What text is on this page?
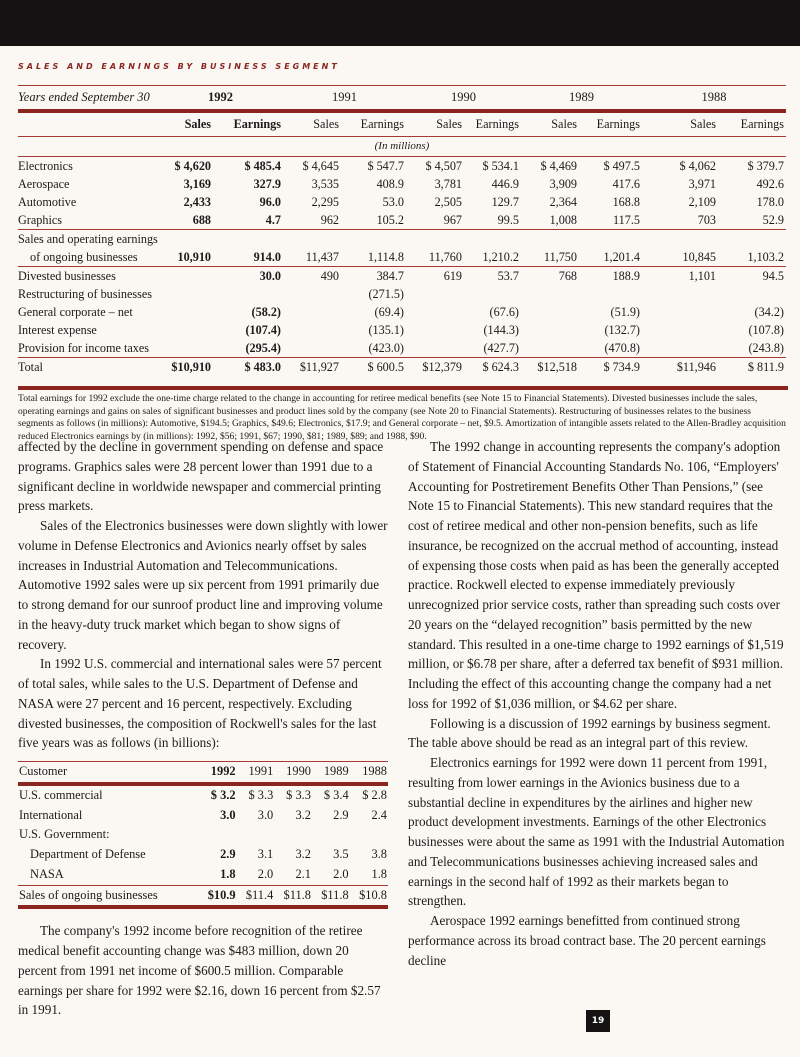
SALES AND EARNINGS BY BUSINESS SEGMENT
Years ended September 30	1992		1991		1990		1989		1988	
	Sales	Earnings	Sales	Earnings	Sales	Earnings	Sales	Earnings	Sales	Earnings
(In millions)										
Electronics	$ 4,620	$ 485.4	$ 4,645	$ 547.7	$ 4,507	$ 534.1	$ 4,469	$ 497.5	$ 4,062	$ 379.7
Aerospace	3,169	327.9	3,535	408.9	3,781	446.9	3,909	417.6	3,971	492.6
Automotive	2,433	96.0	2,295	53.0	2,505	129.7	2,364	168.8	2,109	178.0
Graphics	688	4.7	962	105.2	967	99.5	1,008	117.5	703	52.9
Sales and operating earnings										
of ongoing businesses	10,910	914.0	11,437	1,114.8	11,760	1,210.2	11,750	1,201.4	10,845	1,103.2
Divested businesses		30.0	490	384.7	619	53.7	768	188.9	1,101	94.5
Restructuring of businesses				(271.5)						
General corporate – net		(58.2)		(69.4)		(67.6)		(51.9)		(34.2)
Interest expense		(107.4)		(135.1)		(144.3)		(132.7)		(107.8)
Provision for income taxes		(295.4)		(423.0)		(427.7)		(470.8)		(243.8)
Total	$10,910	$ 483.0	$11,927	$ 600.5	$12,379	$ 624.3	$12,518	$ 734.9	$11,946	$ 811.9
Total earnings for 1992 exclude the one-time charge related to the change in accounting for retiree medical benefits (see Note 15 to Financial Statements). Divested businesses include the sales, operating earnings and gains on sales of significant businesses and product lines sold by the company (see Note 20 to Financial Statements). Restructuring of businesses relates to the business segments as follows (in millions): Automotive, $194.5; Graphics, $49.6; Electronics, $17.9; and General corporate – net, $9.5. Amortization of intangible assets related to the Allen-Bradley acquisition reduced Electronics earnings by (in millions): 1992, $56; 1991, $67; 1990, $81; 1989, $89; and 1988, $90.

affected by the decline in government spending on defense and space programs. Graphics sales were 28 percent lower than 1991 due to a significant decline in worldwide newspaper and commercial printing press markets.

Sales of the Electronics businesses were down slightly with lower volume in Defense Electronics and Avionics nearly offset by sales increases in Industrial Automation and Telecommunications. Automotive 1992 sales were up six percent from 1991 primarily due to strong demand for our sunroof product line and improving volume in the heavy-duty truck market which began to show signs of recovery.

In 1992 U.S. commercial and international sales were 57 percent of total sales, while sales to the U.S. Department of Defense and NASA were 27 percent and 16 percent, respectively. Excluding divested businesses, the composition of Rockwell's sales for the last five years was as follows (in billions):

Customer	1992	1991	1990	1989	1988
U.S. commercial	$ 3.2	$ 3.3	$ 3.3	$ 3.4	$ 2.8
International	3.0	3.0	3.2	2.9	2.4
U.S. Government:					
Department of Defense	2.9	3.1	3.2	3.5	3.8
NASA	1.8	2.0	2.1	2.0	1.8
Sales of ongoing businesses	$10.9	$11.4	$11.8	$11.8	$10.8

The company's 1992 income before recognition of the retiree medical benefit accounting change was $483 million, down 20 percent from 1991 net income of $600.5 million. Comparable earnings per share for 1992 were $2.16, down 16 percent from $2.57 in 1991.

The 1992 change in accounting represents the company's adoption of Statement of Financial Accounting Standards No. 106, “Employers' Accounting for Postretirement Benefits Other Than Pensions,” (see Note 15 to Financial Statements). This new standard requires that the cost of retiree medical and other non-pension benefits, such as life insurance, be recognized on the accrual method of accounting, instead of expensing those costs when paid as has been the generally accepted practice. Rockwell elected to expense immediately previously unrecognized prior service costs, rather than spreading such costs over 20 years on the “delayed recognition” basis permitted by the new standard. This resulted in a one-time charge to 1992 earnings of $1,519 million, or $6.78 per share, after a deferred tax benefit of $931 million. Including the effect of this accounting change the company had a net loss for 1992 of $1,036 million, or $4.62 per share.

Following is a discussion of 1992 earnings by business segment. The table above should be read as an integral part of this review.

Electronics earnings for 1992 were down 11 percent from 1991, resulting from lower earnings in the Avionics business due to a substantial decline in expenditures by the airlines and higher new product development investments. Earnings of the other Electronics businesses were about the same as 1991 with the Industrial Automation and Telecommunications businesses achieving increased sales and earnings in the second half of 1992 as their markets began to strengthen.

Aerospace 1992 earnings benefitted from continued strong performance across its broad contract base. The 20 percent earnings decline

19
